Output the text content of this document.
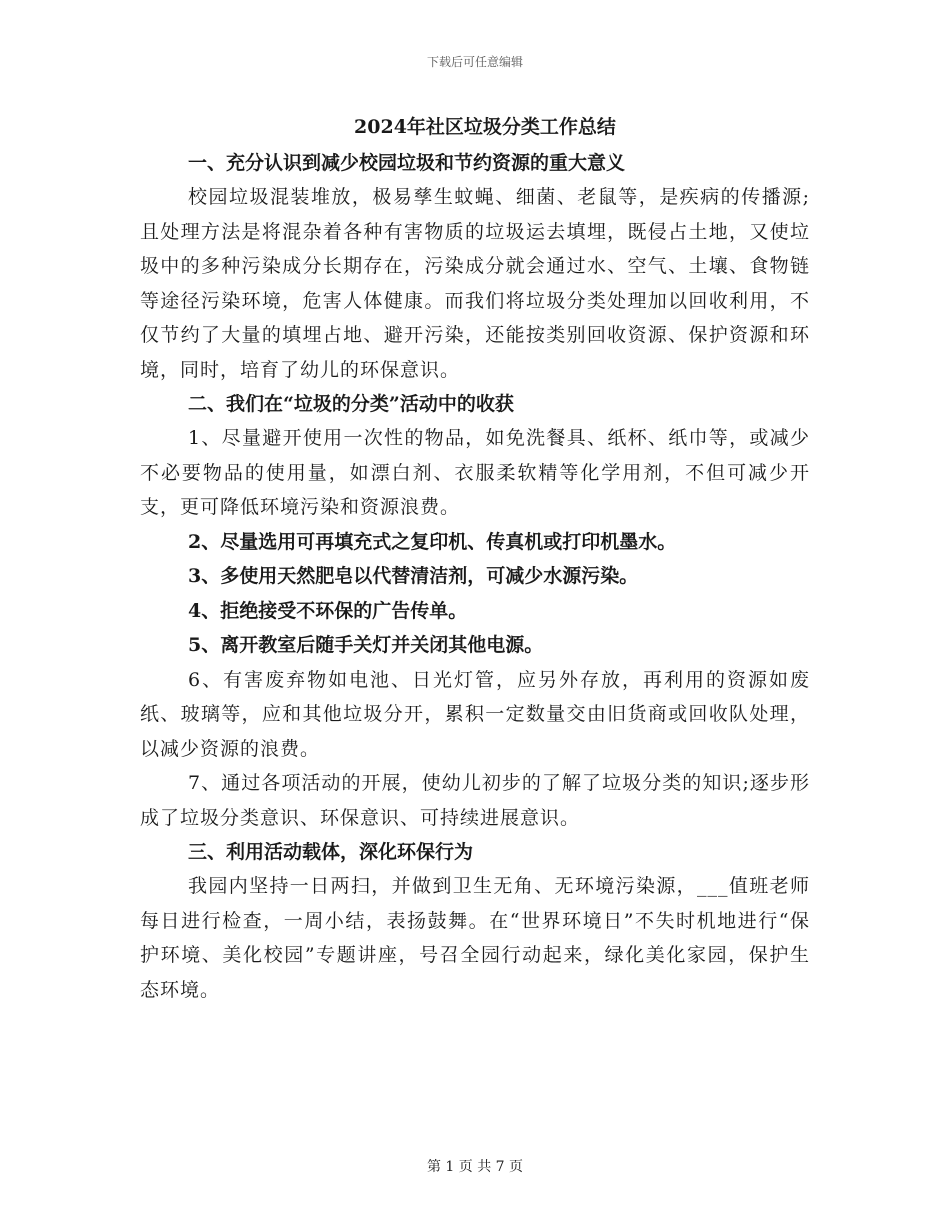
下载后可任意编辑
2024年社区垃圾分类工作总结
一、充分认识到减少校园垃圾和节约资源的重大意义
校园垃圾混装堆放，极易孳生蚊蝇、细菌、老鼠等，是疾病的传播源;且处理方法是将混杂着各种有害物质的垃圾运去填埋，既侵占土地，又使垃圾中的多种污染成分长期存在，污染成分就会通过水、空气、土壤、食物链等途径污染环境，危害人体健康。而我们将垃圾分类处理加以回收利用，不仅节约了大量的填埋占地、避开污染，还能按类别回收资源、保护资源和环境，同时，培育了幼儿的环保意识。
二、我们在“垃圾的分类”活动中的收获
1、尽量避开使用一次性的物品，如免洗餐具、纸杯、纸巾等，或减少不必要物品的使用量，如漂白剂、衣服柔软精等化学用剂，不但可减少开支，更可降低环境污染和资源浪费。
2、尽量选用可再填充式之复印机、传真机或打印机墨水。
3、多使用天然肥皂以代替清洁剂，可减少水源污染。
4、拒绝接受不环保的广告传单。
5、离开教室后随手关灯并关闭其他电源。
6、有害废弃物如电池、日光灯管，应另外存放，再利用的资源如废纸、玻璃等，应和其他垃圾分开，累积一定数量交由旧货商或回收队处理，以减少资源的浪费。
7、通过各项活动的开展，使幼儿初步的了解了垃圾分类的知识;逐步形成了垃圾分类意识、环保意识、可持续进展意识。
三、利用活动载体，深化环保行为
我园内坚持一日两扫，并做到卫生无角、无环境污染源，___值班老师每日进行检查，一周小结，表扬鼓舞。在“世界环境日”不失时机地进行“保护环境、美化校园”专题讲座，号召全园行动起来，绿化美化家园，保护生态环境。
第 1 页 共 7 页
